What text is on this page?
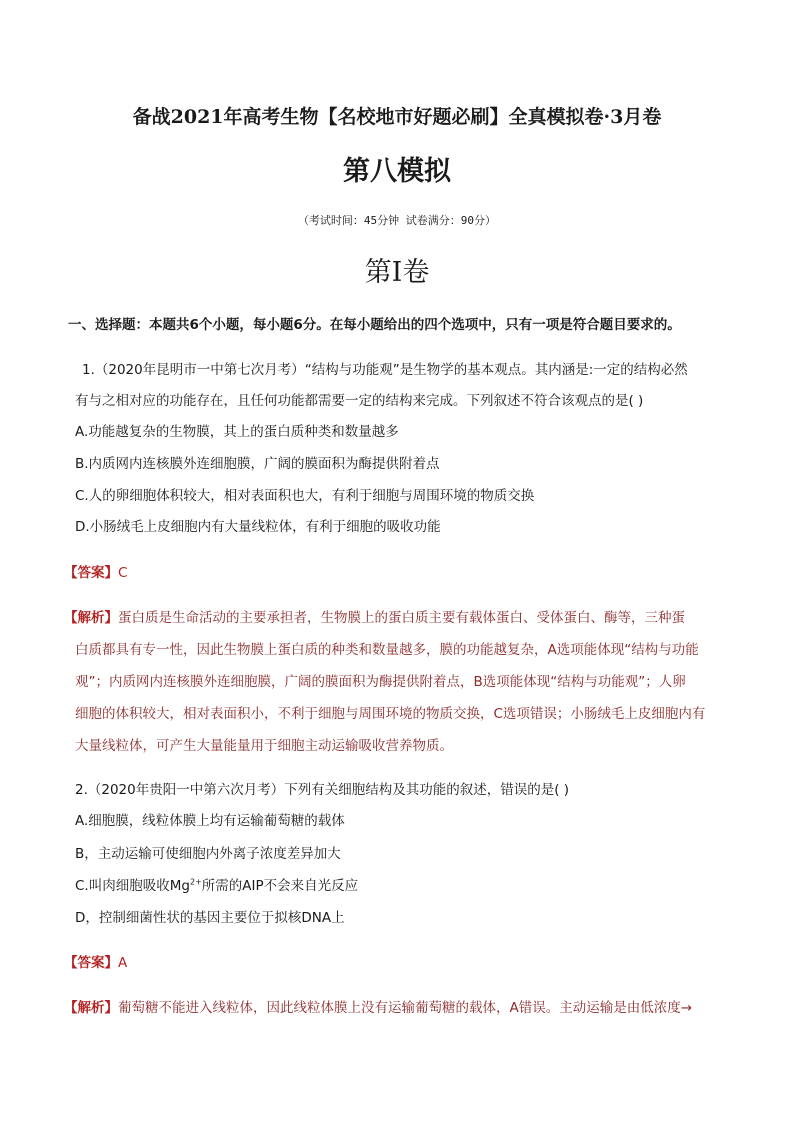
备战2021年高考生物【名校地市好题必刷】全真模拟卷·3月卷
第八模拟
（考试时间：45分钟 试卷满分：90分）
第Ⅰ卷
一、选择题：本题共6个小题，每小题6分。在每小题给出的四个选项中，只有一项是符合题目要求的。
1.（2020年昆明市一中第七次月考）“结构与功能观”是生物学的基本观点。其内涵是:一定的结构必然
有与之相对应的功能存在，且任何功能都需要一定的结构来完成。下列叙述不符合该观点的是( )
A.功能越复杂的生物膜，其上的蛋白质种类和数量越多
B.内质网内连核膜外连细胞膜，广阔的膜面积为酶提供附着点
C.人的卵细胞体积较大，相对表面积也大，有利于细胞与周围环境的物质交换
D.小肠绒毛上皮细胞内有大量线粒体，有利于细胞的吸收功能
【答案】C
【解析】蛋白质是生命活动的主要承担者，生物膜上的蛋白质主要有载体蛋白、受体蛋白、酶等，三种蛋
白质都具有专一性，因此生物膜上蛋白质的种类和数量越多，膜的功能越复杂，A选项能体现“结构与功能
观”；内质网内连核膜外连细胞膜，广阔的膜面积为酶提供附着点，B选项能体现“结构与功能观”；人卵
细胞的体积较大，相对表面积小，不利于细胞与周围环境的物质交换，C选项错误；小肠绒毛上皮细胞内有
大量线粒体，可产生大量能量用于细胞主动运输吸收营养物质。
2.（2020年贵阳一中第六次月考）下列有关细胞结构及其功能的叙述，错误的是( )
A.细胞膜，线粒体膜上均有运输葡萄糖的载体
B，主动运输可使细胞内外离子浓度差异加大
C.叫肉细胞吸收$Mg^{2+}$所需的AIP不会来自光反应
D，控制细菌性状的基因主要位于拟核DNA上
【答案】A
【解析】葡萄糖不能进入线粒体，因此线粒体膜上没有运输葡萄糖的载体，A错误。主动运输是由低浓度→
